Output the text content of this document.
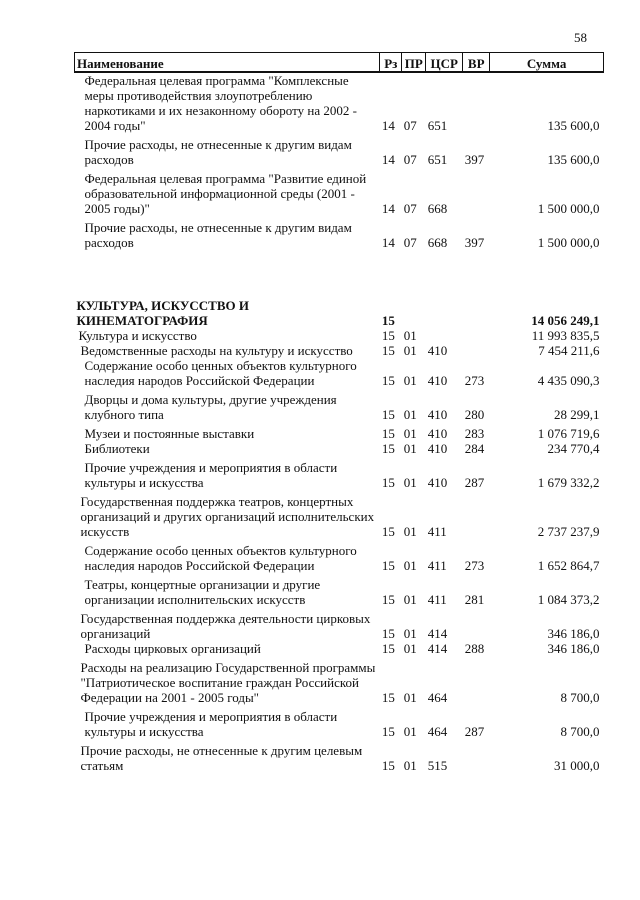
58
Наименование	Рз	ПР	ЦСР	ВР	Сумма
Федеральная целевая программа "Комплексные меры противодействия злоупотреблению наркотиками и их незаконному обороту на 2002 - 2004 годы"	14	07	651		135 600,0
Прочие расходы, не отнесенные к другим видам расходов	14	07	651	397	135 600,0
Федеральная целевая программа "Развитие единой образовательной информационной среды (2001 - 2005 годы)"	14	07	668		1 500 000,0
Прочие расходы, не отнесенные к другим видам расходов	14	07	668	397	1 500 000,0

КУЛЬТУРА, ИСКУССТВО И КИНЕМАТОГРАФИЯ	15				14 056 249,1
Культура и искусство	15	01			11 993 835,5
Ведомственные расходы на культуру и искусство	15	01	410		7 454 211,6
Содержание особо ценных объектов культурного наследия народов Российской Федерации	15	01	410	273	4 435 090,3
Дворцы и дома культуры, другие учреждения клубного типа	15	01	410	280	28 299,1
Музеи и постоянные выставки	15	01	410	283	1 076 719,6
Библиотеки	15	01	410	284	234 770,4
Прочие учреждения и мероприятия в области культуры и искусства	15	01	410	287	1 679 332,2
Государственная поддержка театров, концертных организаций и других организаций исполнительских искусств	15	01	411		2 737 237,9
Содержание особо ценных объектов культурного наследия народов Российской Федерации	15	01	411	273	1 652 864,7
Театры, концертные организации и другие организации исполнительских искусств	15	01	411	281	1 084 373,2
Государственная поддержка деятельности цирковых организаций	15	01	414		346 186,0
Расходы цирковых организаций	15	01	414	288	346 186,0
Расходы на реализацию Государственной программы "Патриотическое воспитание граждан Российской Федерации на 2001 - 2005 годы"	15	01	464		8 700,0
Прочие учреждения и мероприятия в области культуры и искусства	15	01	464	287	8 700,0
Прочие расходы, не отнесенные к другим целевым статьям	15	01	515		31 000,0
